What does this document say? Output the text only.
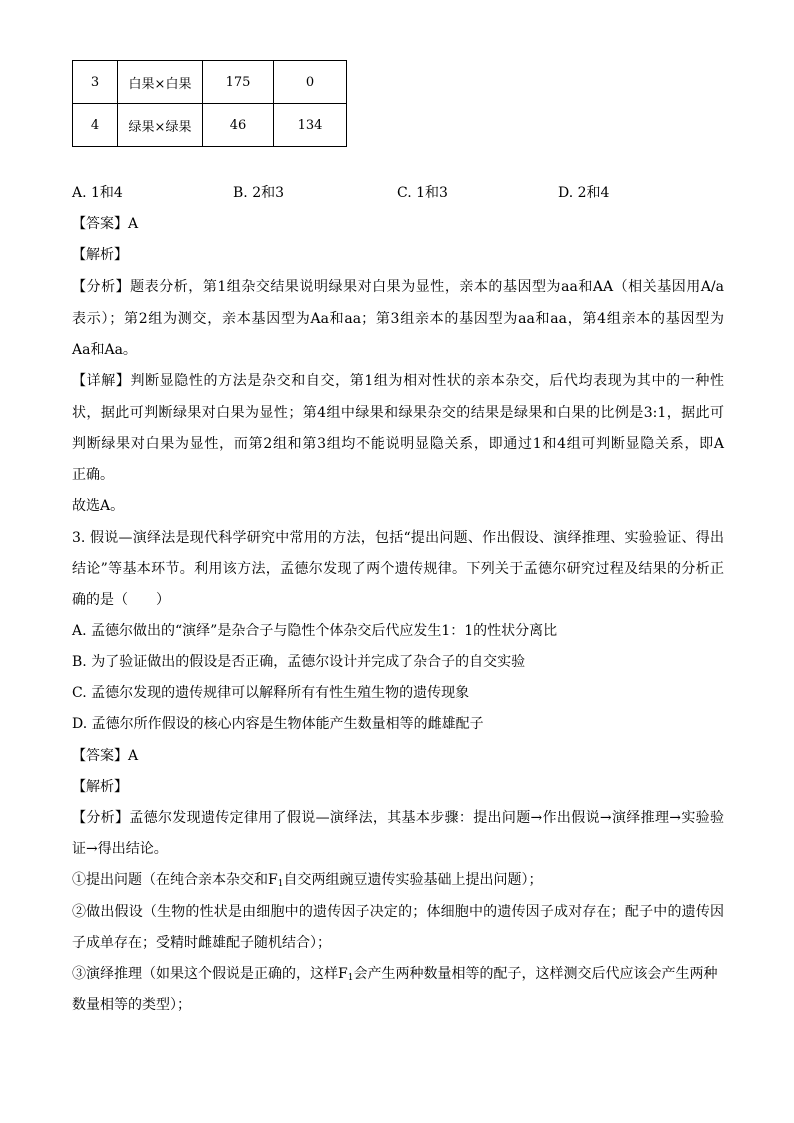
3	白果×白果	175	0
4	绿果×绿果	46	134
A. 1和4	B. 2和3	C. 1和3	D. 2和4
【答案】A
【解析】
【分析】题表分析，第1组杂交结果说明绿果对白果为显性，亲本的基因型为aa和AA（相关基因用A/a
表示）；第2组为测交，亲本基因型为Aa和aa；第3组亲本的基因型为aa和aa，第4组亲本的基因型为
Aa和Aa。
【详解】判断显隐性的方法是杂交和自交，第1组为相对性状的亲本杂交，后代均表现为其中的一种性
状，据此可判断绿果对白果为显性；第4组中绿果和绿果杂交的结果是绿果和白果的比例是3:1，据此可
判断绿果对白果为显性，而第2组和第3组均不能说明显隐关系，即通过1和4组可判断显隐关系，即A
正确。
故选A。
3. 假说—演绎法是现代科学研究中常用的方法，包括“提出问题、作出假设、演绎推理、实验验证、得出
结论”等基本环节。利用该方法，孟德尔发现了两个遗传规律。下列关于孟德尔研究过程及结果的分析正
确的是（　　）
A. 孟德尔做出的“演绎”是杂合子与隐性个体杂交后代应发生1：1的性状分离比
B. 为了验证做出的假设是否正确，孟德尔设计并完成了杂合子的自交实验
C. 孟德尔发现的遗传规律可以解释所有有性生殖生物的遗传现象
D. 孟德尔所作假设的核心内容是生物体能产生数量相等的雌雄配子
【答案】A
【解析】
【分析】孟德尔发现遗传定律用了假说—演绎法，其基本步骤：提出问题→作出假说→演绎推理→实验验
证→得出结论。
①提出问题（在纯合亲本杂交和$F_1$自交两组豌豆遗传实验基础上提出问题）；
②做出假设（生物的性状是由细胞中的遗传因子决定的；体细胞中的遗传因子成对存在；配子中的遗传因
子成单存在；受精时雌雄配子随机结合）；
③演绎推理（如果这个假说是正确的，这样$F_1$会产生两种数量相等的配子，这样测交后代应该会产生两种
数量相等的类型）；
